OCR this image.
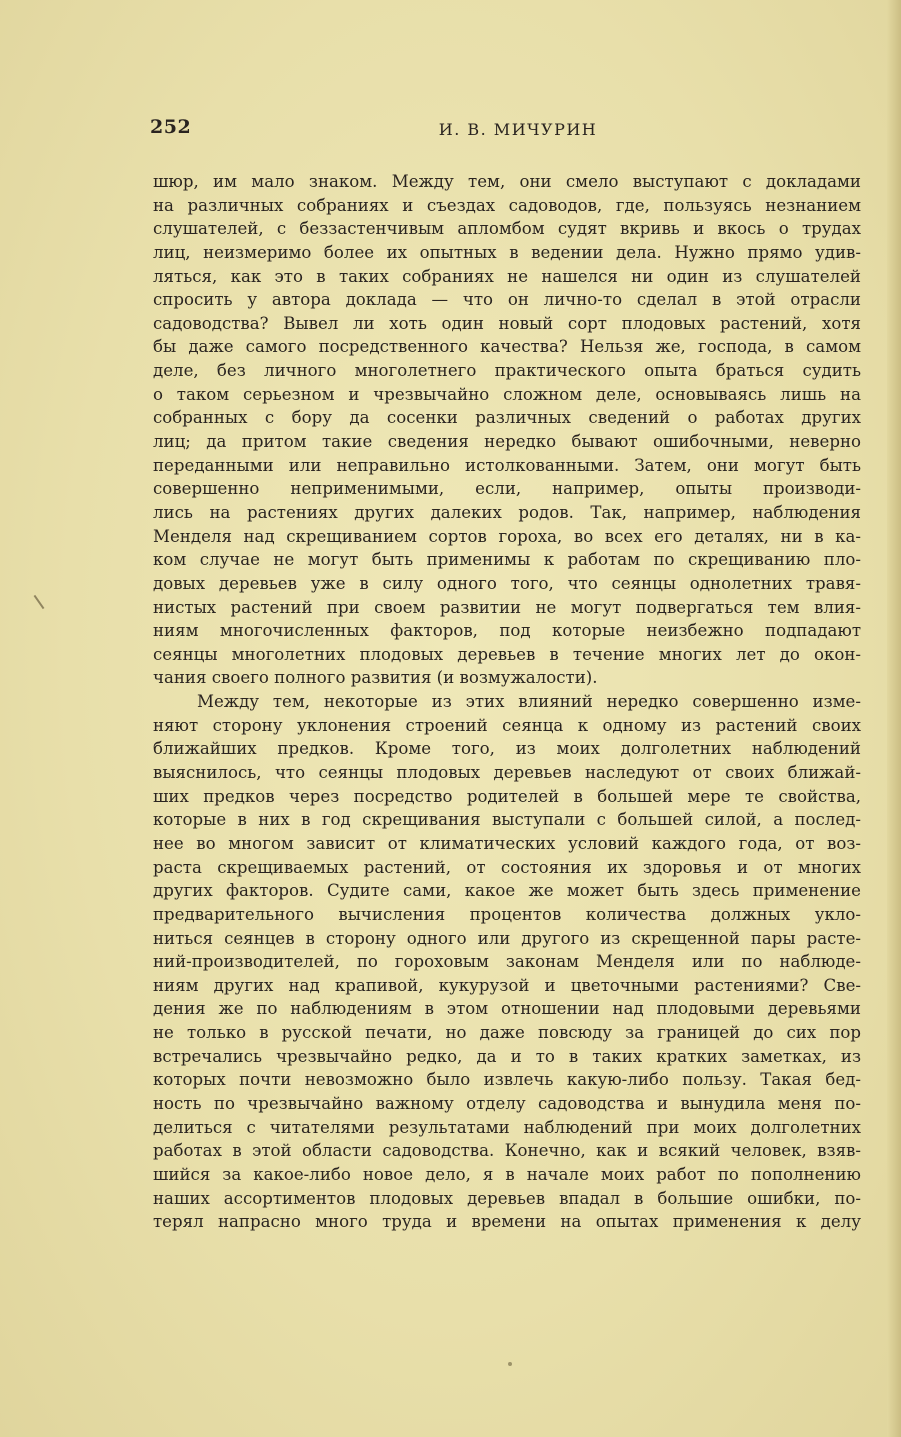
252	И. В. МИЧУРИН
шюр, им мало знаком. Между тем, они смело выступают с докладами
на различных собраниях и съездах садоводов, где, пользуясь незнанием
слушателей, с беззастенчивым апломбом судят вкривь и вкось о трудах
лиц, неизмеримо более их опытных в ведении дела. Нужно прямо удив-
ляться, как это в таких собраниях не нашелся ни один из слушателей
спросить у автора доклада — что он лично-то сделал в этой отрасли
садоводства? Вывел ли хоть один новый сорт плодовых растений, хотя
бы даже самого посредственного качества? Нельзя же, господа, в самом
деле, без личного многолетнего практического опыта браться судить
о таком серьезном и чрезвычайно сложном деле, основываясь лишь на
собранных с бору да сосенки различных сведений о работах других
лиц; да притом такие сведения нередко бывают ошибочными, неверно
переданными или неправильно истолкованными. Затем, они могут быть
совершенно неприменимыми, если, например, опыты производи-
лись на растениях других далеких родов. Так, например, наблюдения
Менделя над скрещиванием сортов гороха, во всех его деталях, ни в ка-
ком случае не могут быть применимы к работам по скрещиванию пло-
довых деревьев уже в силу одного того, что сеянцы однолетних травя-
нистых растений при своем развитии не могут подвергаться тем влия-
ниям многочисленных факторов, под которые неизбежно подпадают
сеянцы многолетних плодовых деревьев в течение многих лет до окон-
чания своего полного развития (и возмужалости).
Между тем, некоторые из этих влияний нередко совершенно изме-
няют сторону уклонения строений сеянца к одному из растений своих
ближайших предков. Кроме того, из моих долголетних наблюдений
выяснилось, что сеянцы плодовых деревьев наследуют от своих ближай-
ших предков через посредство родителей в большей мере те свойства,
которые в них в год скрещивания выступали с большей силой, а послед-
нее во многом зависит от климатических условий каждого года, от воз-
раста скрещиваемых растений, от состояния их здоровья и от многих
других факторов. Судите сами, какое же может быть здесь применение
предварительного вычисления процентов количества должных укло-
ниться сеянцев в сторону одного или другого из скрещенной пары расте-
ний-производителей, по гороховым законам Менделя или по наблюде-
ниям других над крапивой, кукурузой и цветочными растениями? Све-
дения же по наблюдениям в этом отношении над плодовыми деревьями
не только в русской печати, но даже повсюду за границей до сих пор
встречались чрезвычайно редко, да и то в таких кратких заметках, из
которых почти невозможно было извлечь какую-либо пользу. Такая бед-
ность по чрезвычайно важному отделу садоводства и вынудила меня по-
делиться с читателями результатами наблюдений при моих долголетних
работах в этой области садоводства. Конечно, как и всякий человек, взяв-
шийся за какое-либо новое дело, я в начале моих работ по пополнению
наших ассортиментов плодовых деревьев впадал в большие ошибки, по-
терял напрасно много труда и времени на опытах применения к делу
